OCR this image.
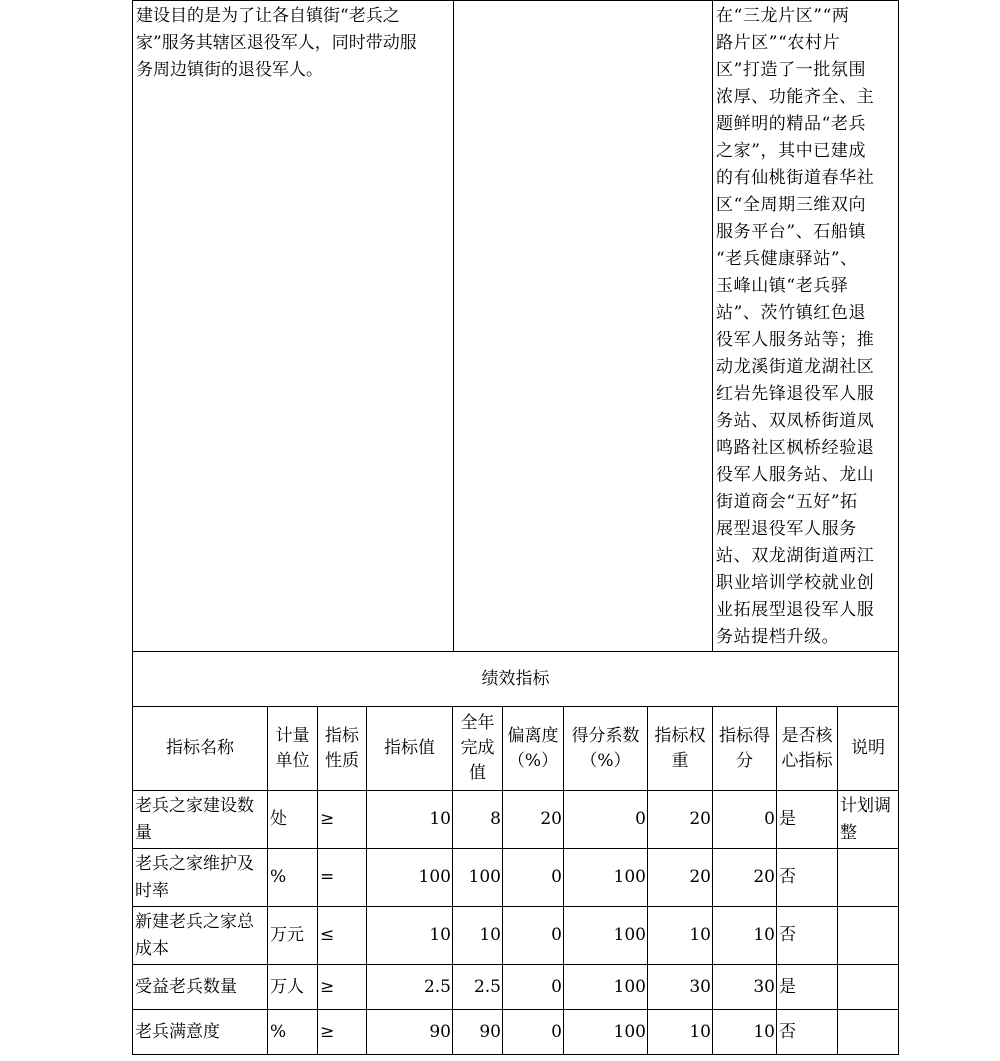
建设目的是为了让各自镇街“老兵之
家”服务其辖区退役军人，同时带动服
务周边镇街的退役军人。		在“三龙片区”“两
路片区”“农村片
区”打造了一批氛围
浓厚、功能齐全、主
题鲜明的精品“老兵
之家”，其中已建成
的有仙桃街道春华社
区“全周期三维双向
服务平台”、石船镇
“老兵健康驿站”、
玉峰山镇“老兵驿
站”、茨竹镇红色退
役军人服务站等；推
动龙溪街道龙湖社区
红岩先锋退役军人服
务站、双凤桥街道凤
鸣路社区枫桥经验退
役军人服务站、龙山
街道商会“五好”拓
展型退役军人服务
站、双龙湖街道两江
职业培训学校就业创
业拓展型退役军人服
务站提档升级。
绩效指标										
指标名称	计量
单位	指标
性质	指标值	全年
完成
值	偏离度
（%）	得分系数
（%）	指标权
重	指标得
分	是否核
心指标	说明
老兵之家建设数
量	处	≥	10	8	20	0	20	0	是	计划调
整
老兵之家维护及
时率	%	=	100	100	0	100	20	20	否	
新建老兵之家总
成本	万元	≤	10	10	0	100	10	10	否	
受益老兵数量	万人	≥	2.5	2.5	0	100	30	30	是	
老兵满意度	%	≥	90	90	0	100	10	10	否	
